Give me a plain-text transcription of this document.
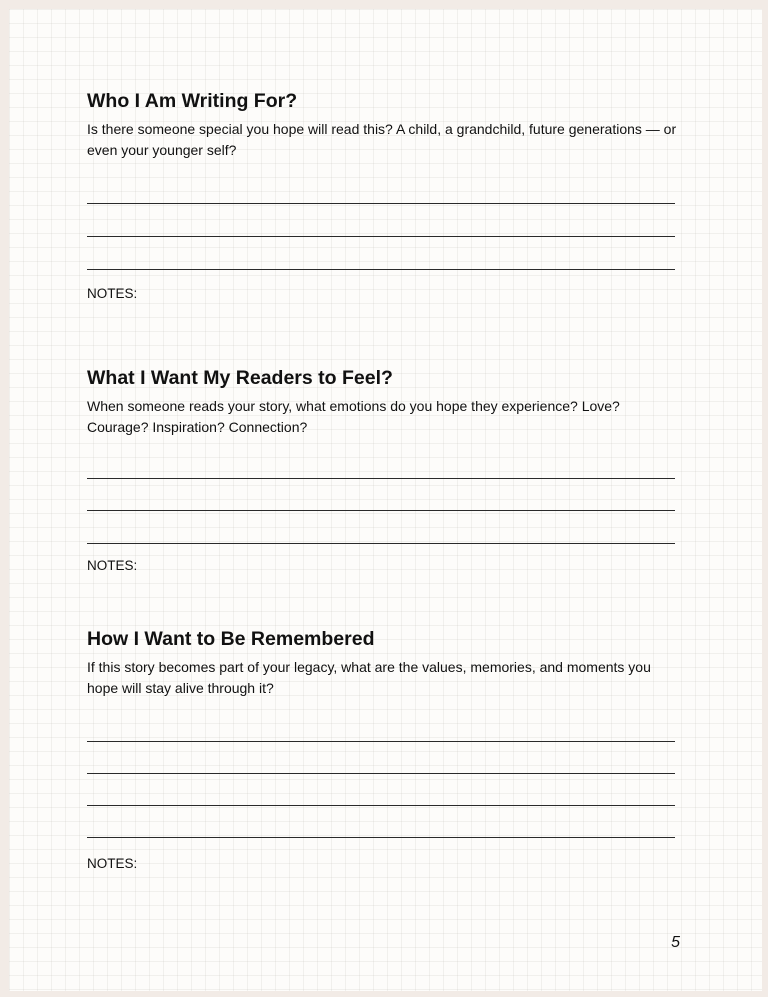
Who I Am Writing For?

Is there someone special you hope will read this? A child, a grandchild, future generations — or even your younger self?

NOTES:
What I Want My Readers to Feel?

When someone reads your story, what emotions do you hope they experience? Love? Courage? Inspiration? Connection?

NOTES:
How I Want to Be Remembered

If this story becomes part of your legacy, what are the values, memories, and moments you hope will stay alive through it?

NOTES:
5
